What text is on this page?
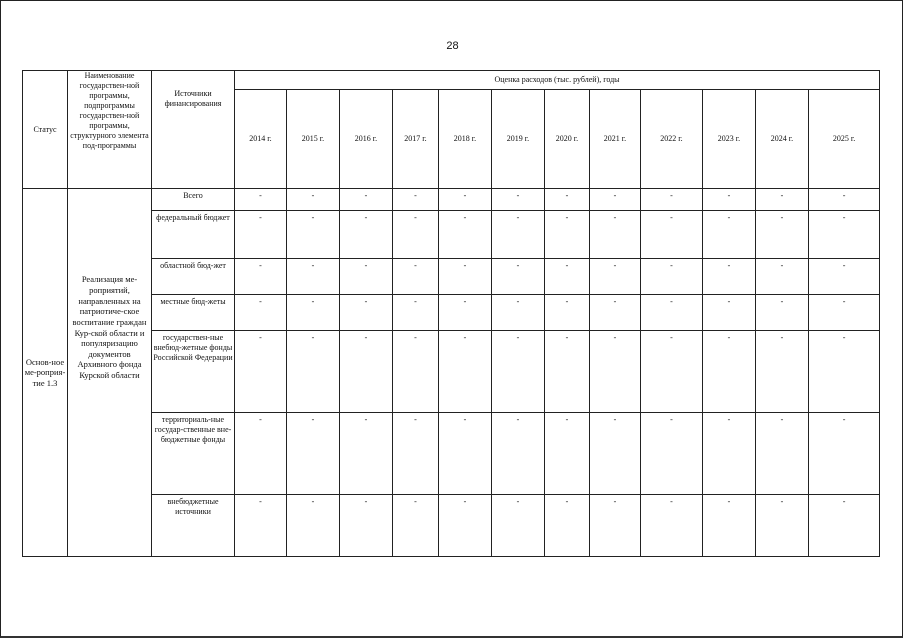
28
Статус	Наименование государствен-ной программы, подпрограммы государствен-ной программы, структурного элемента под-программы	Источники финансирования	Оценка расходов (тыс. рублей), годы											
			2014 г.	2015 г.	2016 г.	2017 г.	2018 г.	2019 г.	2020 г.	2021 г.	2022 г.	2023 г.	2024 г.	2025 г.
Основ-ное ме-роприя-тие 1.3	Реализация ме-роприятий, направленных на патриотиче-ское воспитание граждан Кур-ской области и популяризацию документов Архивного фонда Курской области	Всего	-	-	-	-	-	-	-	-	-	-	-	-
		федеральный бюджет	-	-	-	-	-	-	-	-	-	-	-	-
		областной бюд-жет	-	-	-	-	-	-	-	-	-	-	-	-
		местные бюд-жеты	-	-	-	-	-	-	-	-	-	-	-	-
		государствен-ные внебюд-жетные фонды Российской Федерации	-	-	-	-	-	-	-	-	-	-	-	-
		территориаль-ные государ-ственные вне-бюджетные фонды	-	-	-	-	-	-	-	-	-	-	-	-
		внебюджетные источники	-	-	-	-	-	-	-	-	-	-	-	-
